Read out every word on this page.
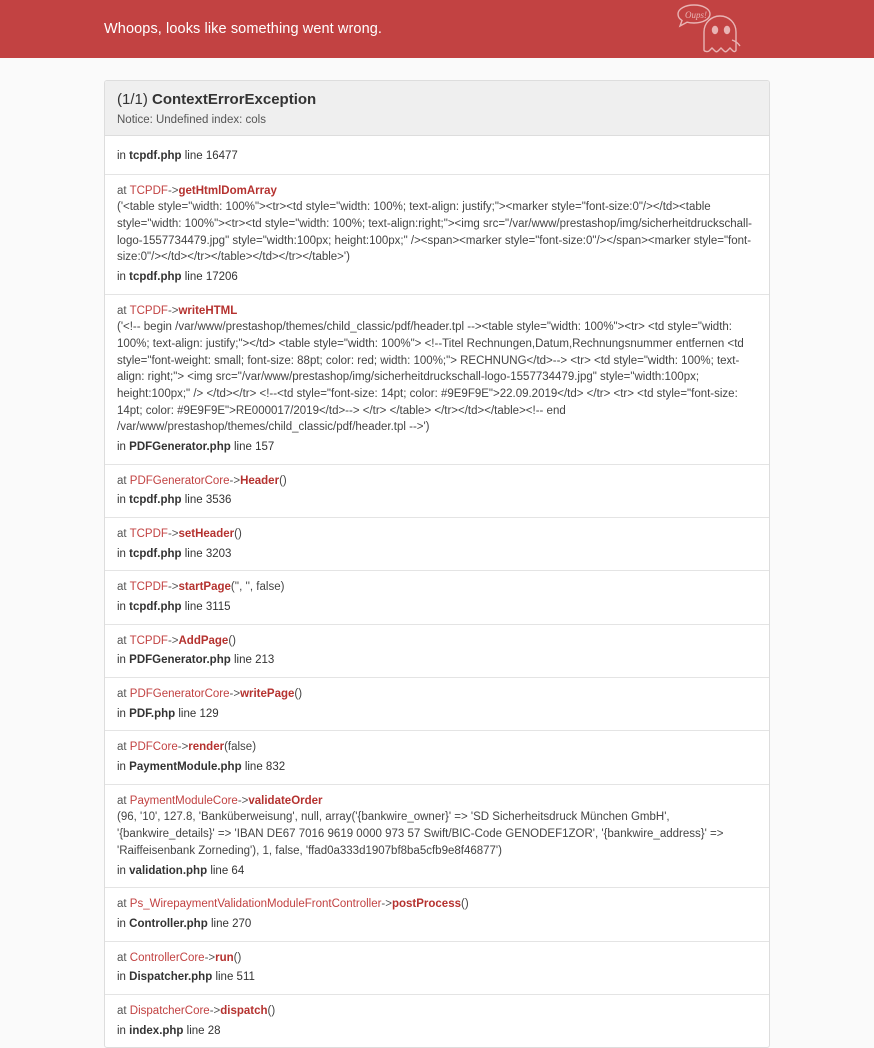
Whoops, looks like something went wrong.
Oups!
(1/1) ContextErrorException
Notice: Undefined index: cols
in tcpdf.php line 16477
at TCPDF->getHtmlDomArray
('<table style="width: 100%"><tr><td style="width: 100%; text-align: justify;"><marker style="font-size:0"/></td><table style="width: 100%"><tr><td style="width: 100%; text-align:right;"><img src="/var/www/prestashop/img/sicherheitdruckschall-logo-1557734479.jpg" style="width:100px; height:100px;" /><span><marker style="font-size:0"/></span><marker style="font-size:0"/></td></tr></table></td></tr></table>')
in tcpdf.php line 17206
at TCPDF->writeHTML
('<!-- begin /var/www/prestashop/themes/child_classic/pdf/header.tpl --><table style="width: 100%"><tr> <td style="width: 100%; text-align: justify;"></td> <table style="width: 100%"> <!--Titel Rechnungen,Datum,Rechnungsnummer entfernen <td style="font-weight: small; font-size: 88pt; color: red; width: 100%;"> RECHNUNG</td>--> <tr> <td style="width: 100%; text-align: right;"> <img src="/var/www/prestashop/img/sicherheitdruckschall-logo-1557734479.jpg" style="width:100px; height:100px;" /> </td></tr> <!--<td style="font-size: 14pt; color: #9E9F9E">22.09.2019</td> </tr> <tr> <td style="font-size: 14pt; color: #9E9F9E">RE000017/2019</td>--> </tr> </table> </tr></td></table><!-- end /var/www/prestashop/themes/child_classic/pdf/header.tpl -->')
in PDFGenerator.php line 157
at PDFGeneratorCore->Header()
in tcpdf.php line 3536
at TCPDF->setHeader()
in tcpdf.php line 3203
at TCPDF->startPage('', '', false)
in tcpdf.php line 3115
at TCPDF->AddPage()
in PDFGenerator.php line 213
at PDFGeneratorCore->writePage()
in PDF.php line 129
at PDFCore->render(false)
in PaymentModule.php line 832
at PaymentModuleCore->validateOrder
(96, '10', 127.8, 'Banküberweisung', null, array('{bankwire_owner}' => 'SD Sicherheitsdruck München GmbH', '{bankwire_details}' => 'IBAN DE67 7016 9619 0000 973 57 Swift/BIC-Code GENODEF1ZOR', '{bankwire_address}' => 'Raiffeisenbank Zorneding'), 1, false, 'ffad0a333d1907bf8ba5cfb9e8f46877')
in validation.php line 64
at Ps_WirepaymentValidationModuleFrontController->postProcess()
in Controller.php line 270
at ControllerCore->run()
in Dispatcher.php line 511
at DispatcherCore->dispatch()
in index.php line 28
